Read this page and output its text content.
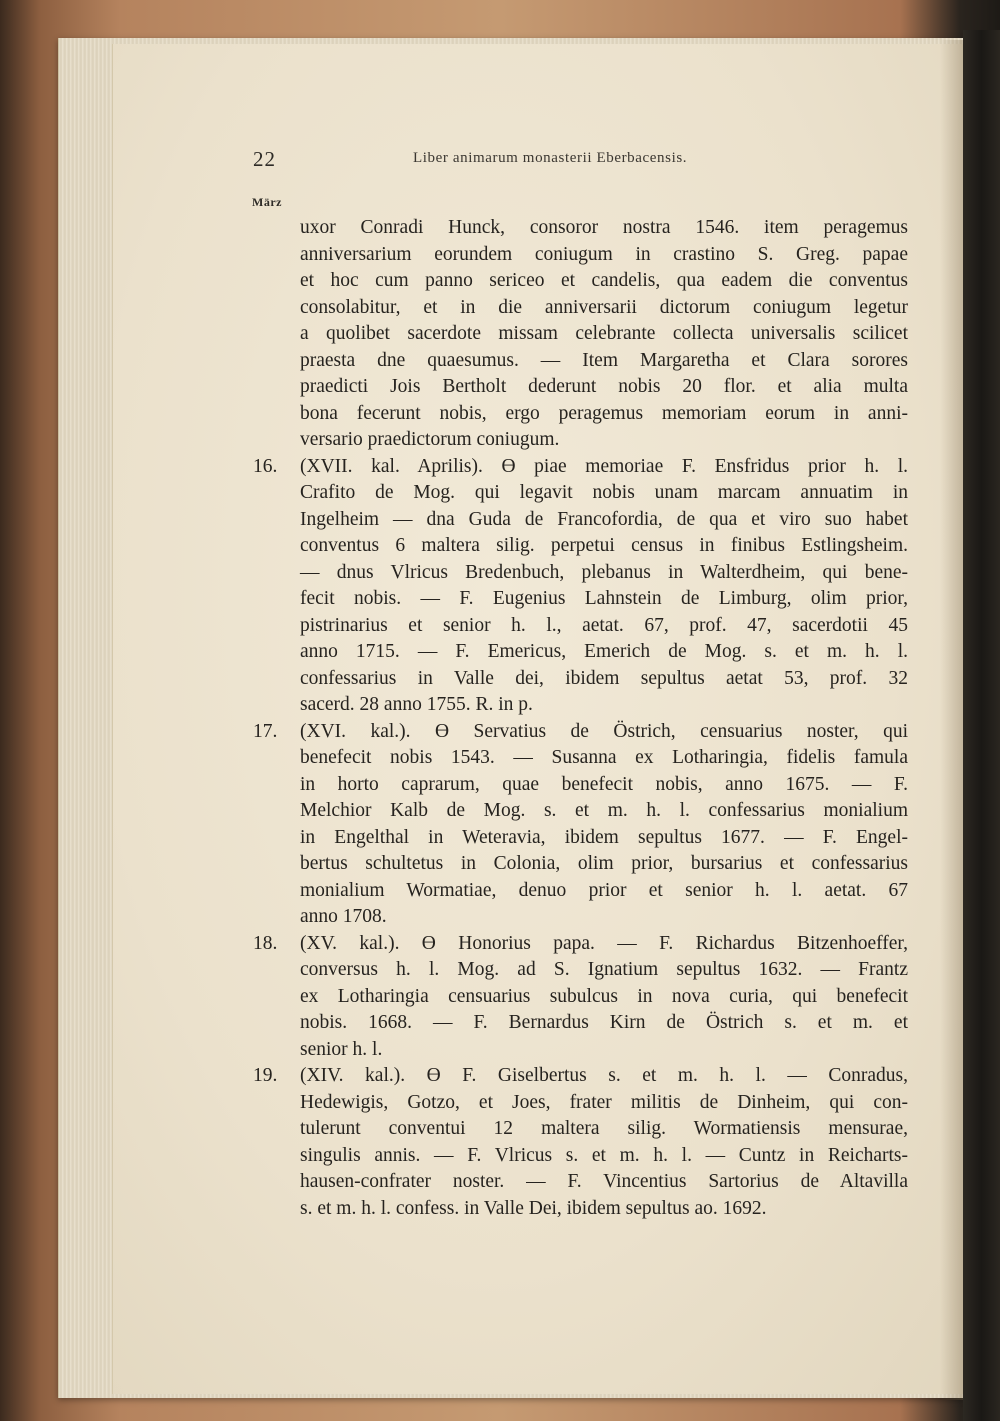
22	Liber animarum monasterii Eberbacensis.
März
uxor Conradi Hunck, consoror nostra 1546. item peragemus
anniversarium eorundem coniugum in crastino S. Greg. papae
et hoc cum panno sericeo et candelis, qua eadem die conventus
consolabitur, et in die anniversarii dictorum coniugum legetur
a quolibet sacerdote missam celebrante collecta universalis scilicet
praesta dne quaesumus. — Item Margaretha et Clara sorores
praedicti Jois Bertholt dederunt nobis 20 flor. et alia multa
bona fecerunt nobis, ergo peragemus memoriam eorum in anni-
versario praedictorum coniugum.
16. (XVII. kal. Aprilis). ϴ piae memoriae F. Ensfridus prior h. l.
Crafito de Mog. qui legavit nobis unam marcam annuatim in
Ingelheim — dna Guda de Francofordia, de qua et viro suo habet
conventus 6 maltera silig. perpetui census in finibus Estlingsheim.
— dnus Vlricus Bredenbuch, plebanus in Walterdheim, qui bene-
fecit nobis. — F. Eugenius Lahnstein de Limburg, olim prior,
pistrinarius et senior h. l., aetat. 67, prof. 47, sacerdotii 45
anno 1715. — F. Emericus, Emerich de Mog. s. et m. h. l.
confessarius in Valle dei, ibidem sepultus aetat 53, prof. 32
sacerd. 28 anno 1755. R. in p.
17. (XVI. kal.). ϴ Servatius de Östrich, censuarius noster, qui
benefecit nobis 1543. — Susanna ex Lotharingia, fidelis famula
in horto caprarum, quae benefecit nobis, anno 1675. — F.
Melchior Kalb de Mog. s. et m. h. l. confessarius monialium
in Engelthal in Weteravia, ibidem sepultus 1677. — F. Engel-
bertus schultetus in Colonia, olim prior, bursarius et confessarius
monialium Wormatiae, denuo prior et senior h. l. aetat. 67
anno 1708.
18. (XV. kal.). ϴ Honorius papa. — F. Richardus Bitzenhoeffer,
conversus h. l. Mog. ad S. Ignatium sepultus 1632. — Frantz
ex Lotharingia censuarius subulcus in nova curia, qui benefecit
nobis. 1668. — F. Bernardus Kirn de Östrich s. et m. et
senior h. l.
19. (XIV. kal.). ϴ F. Giselbertus s. et m. h. l. — Conradus,
Hedewigis, Gotzo, et Joes, frater militis de Dinheim, qui con-
tulerunt conventui 12 maltera silig. Wormatiensis mensurae,
singulis annis. — F. Vlricus s. et m. h. l. — Cuntz in Reicharts-
hausen-confrater noster. — F. Vincentius Sartorius de Altavilla
s. et m. h. l. confess. in Valle Dei, ibidem sepultus ao. 1692.
